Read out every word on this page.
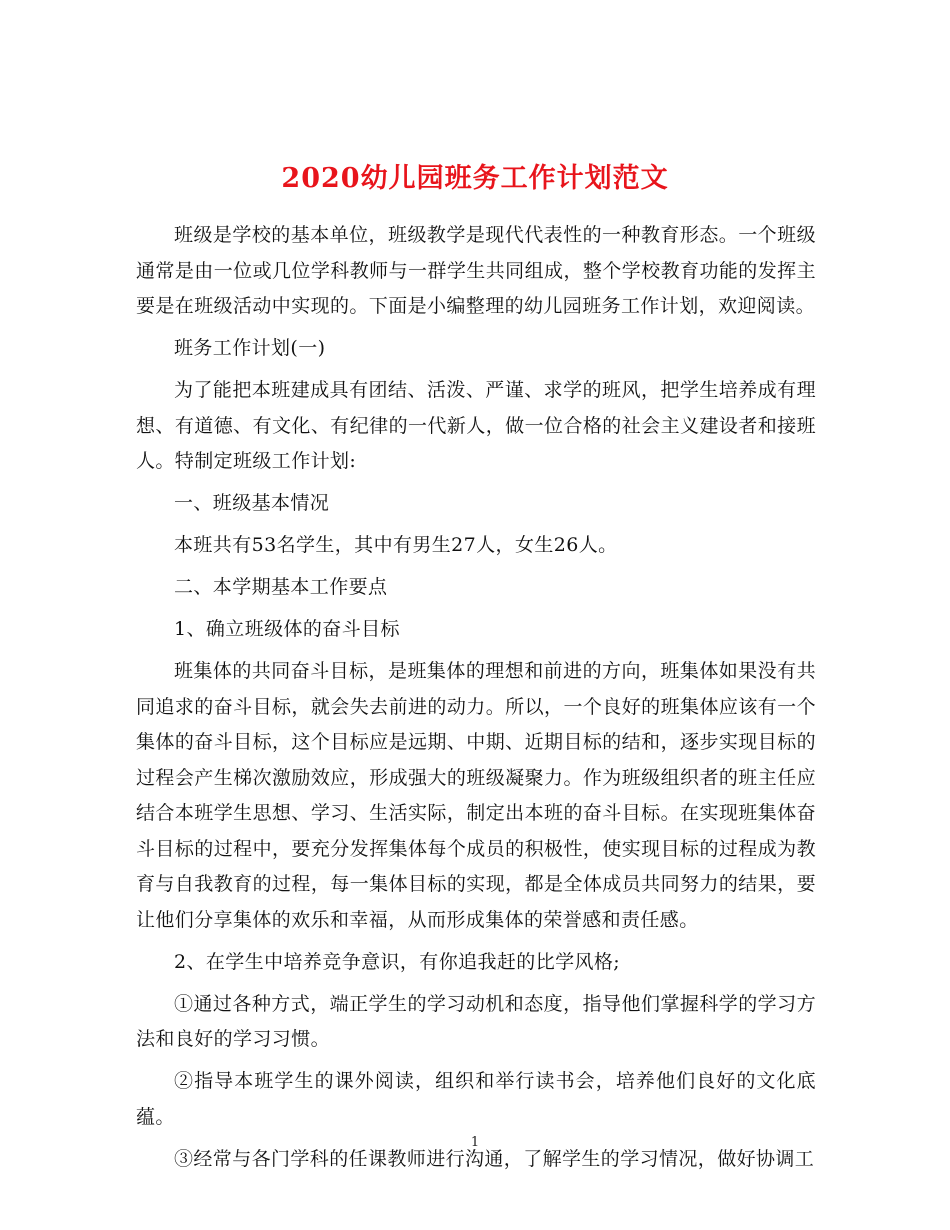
2020幼儿园班务工作计划范文

班级是学校的基本单位，班级教学是现代代表性的一种教育形态。一个班级通常是由一位或几位学科教师与一群学生共同组成，整个学校教育功能的发挥主要是在班级活动中实现的。下面是小编整理的幼儿园班务工作计划，欢迎阅读。

班务工作计划(一)

为了能把本班建成具有团结、活泼、严谨、求学的班风，把学生培养成有理想、有道德、有文化、有纪律的一代新人，做一位合格的社会主义建设者和接班人。特制定班级工作计划:

一、班级基本情况

本班共有53名学生，其中有男生27人，女生26人。

二、本学期基本工作要点

1、确立班级体的奋斗目标

班集体的共同奋斗目标，是班集体的理想和前进的方向，班集体如果没有共同追求的奋斗目标，就会失去前进的动力。所以，一个良好的班集体应该有一个集体的奋斗目标，这个目标应是远期、中期、近期目标的结和，逐步实现目标的过程会产生梯次激励效应，形成强大的班级凝聚力。作为班级组织者的班主任应结合本班学生思想、学习、生活实际，制定出本班的奋斗目标。在实现班集体奋斗目标的过程中，要充分发挥集体每个成员的积极性，使实现目标的过程成为教育与自我教育的过程，每一集体目标的实现，都是全体成员共同努力的结果，要让他们分享集体的欢乐和幸福，从而形成集体的荣誉感和责任感。

2、在学生中培养竞争意识，有你追我赶的比学风格;

①通过各种方式，端正学生的学习动机和态度，指导他们掌握科学的学习方法和良好的学习习惯。

②指导本班学生的课外阅读，组织和举行读书会，培养他们良好的文化底蕴。

③经常与各门学科的任课教师进行沟通，了解学生的学习情况，做好协调工

1
